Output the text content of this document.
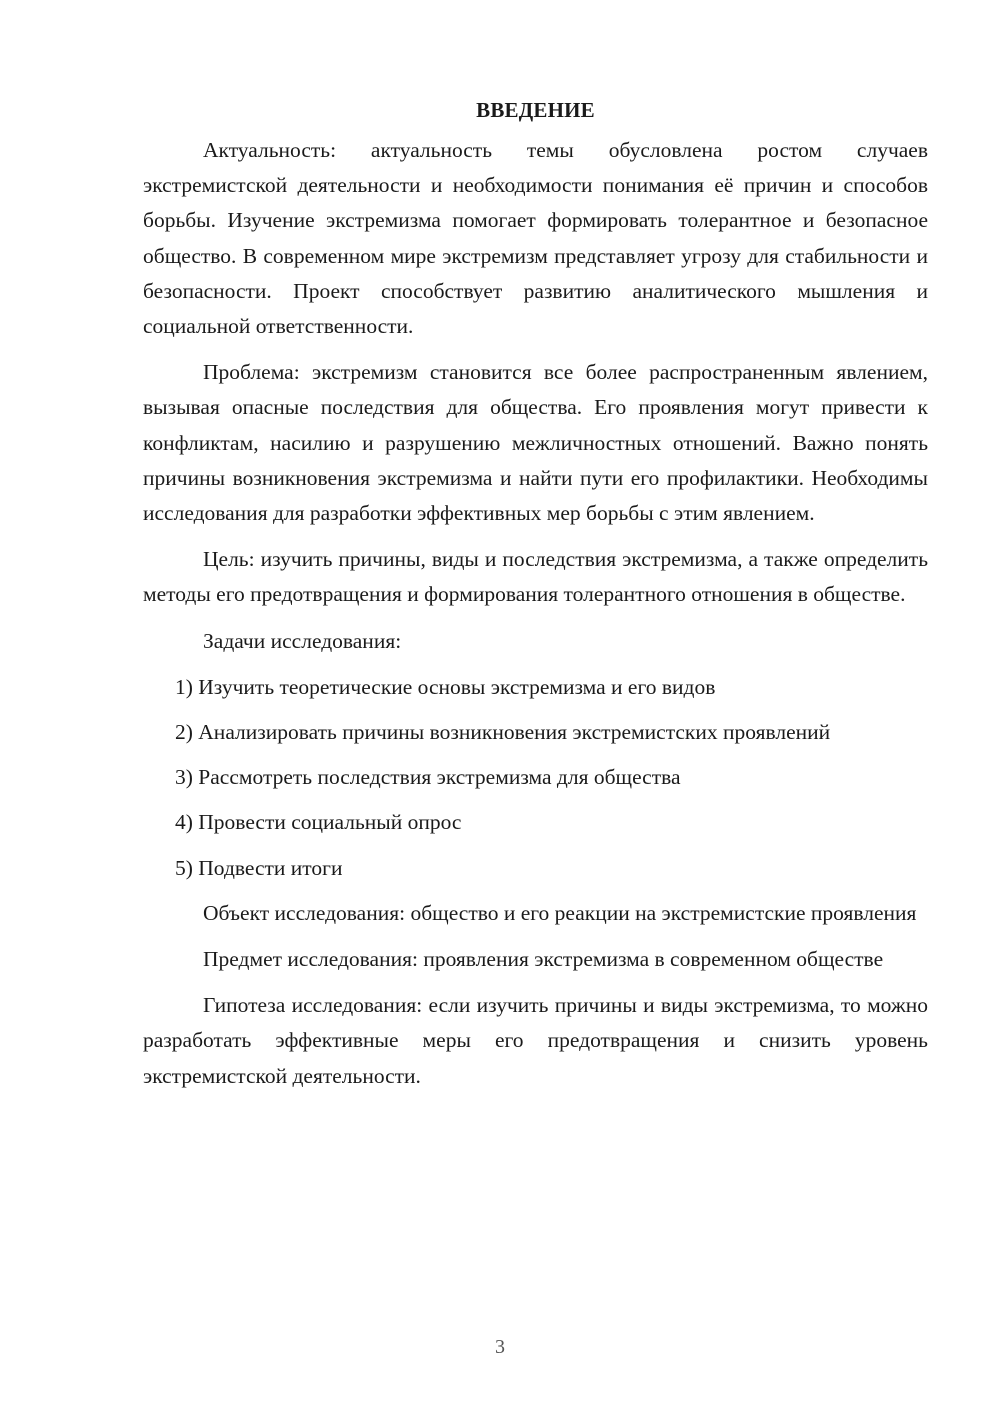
ВВЕДЕНИЕ

Актуальность: актуальность темы обусловлена ростом случаев экстремистской деятельности и необходимости понимания её причин и способов борьбы. Изучение экстремизма помогает формировать толерантное и безопасное общество. В современном мире экстремизм представляет угрозу для стабильности и безопасности. Проект способствует развитию аналитического мышления и социальной ответственности.

Проблема: экстремизм становится все более распространенным явлением, вызывая опасные последствия для общества. Его проявления могут привести к конфликтам, насилию и разрушению межличностных отношений. Важно понять причины возникновения экстремизма и найти пути его профилактики. Необходимы исследования для разработки эффективных мер борьбы с этим явлением.

Цель: изучить причины, виды и последствия экстремизма, а также определить методы его предотвращения и формирования толерантного отношения в обществе.

Задачи исследования:

1) Изучить теоретические основы экстремизма и его видов

2) Анализировать причины возникновения экстремистских проявлений

3) Рассмотреть последствия экстремизма для общества

4) Провести социальный опрос

5) Подвести итоги

Объект исследования: общество и его реакции на экстремистские проявления

Предмет исследования: проявления экстремизма в современном обществе

Гипотеза исследования: если изучить причины и виды экстремизма, то можно разработать эффективные меры его предотвращения и снизить уровень экстремистской деятельности.

3
